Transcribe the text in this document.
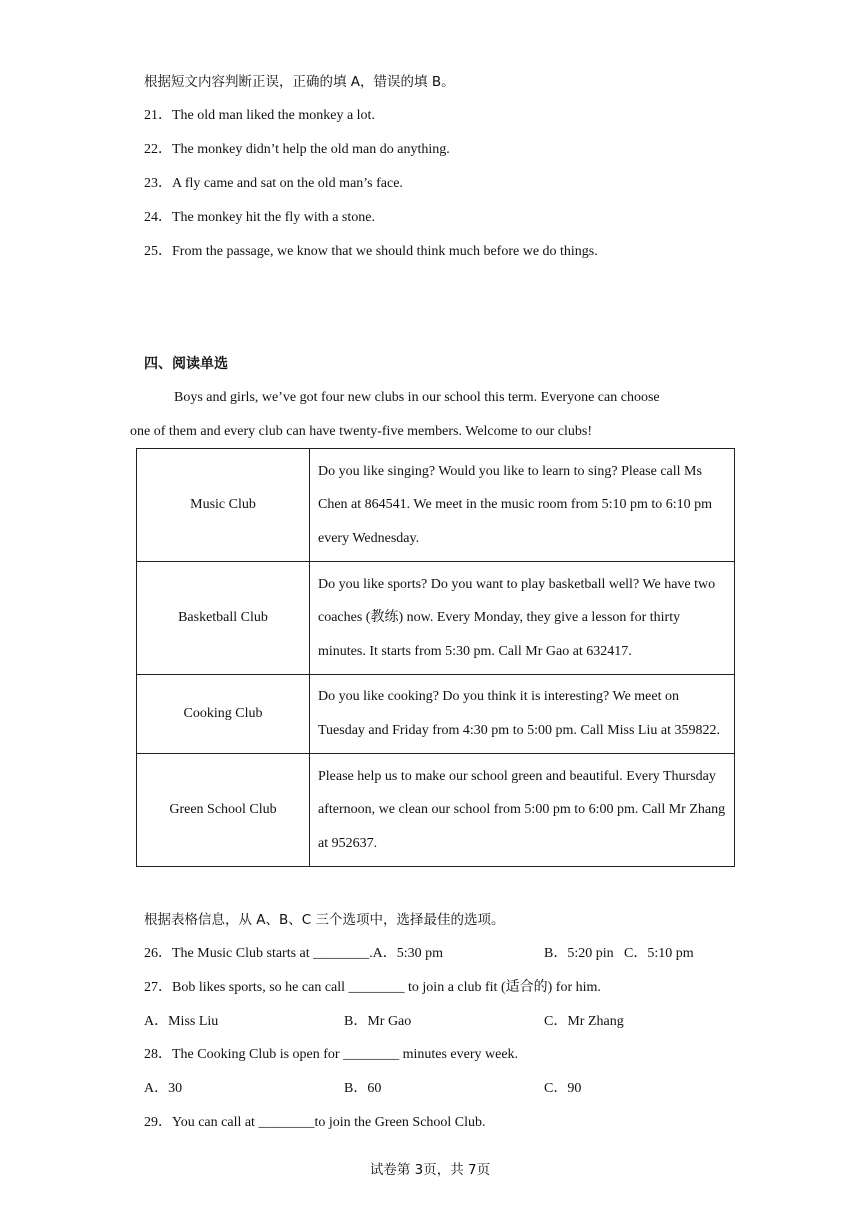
根据短文内容判断正误，正确的填 A，错误的填 B。
21．The old man liked the monkey a lot.
22．The monkey didn’t help the old man do anything.
23．A fly came and sat on the old man’s face.
24．The monkey hit the fly with a stone.
25．From the passage, we know that we should think much before we do things.
四、阅读单选
Boys and girls, we’ve got four new clubs in our school this term. Everyone can choose
one of them and every club can have twenty-five members. Welcome to our clubs!
Music Club	Do you like singing? Would you like to learn to sing? Please call Ms Chen at 864541. We meet in the music room from 5:10 pm to 6:10 pm every Wednesday.
Basketball Club	Do you like sports? Do you want to play basketball well? We have two coaches (教练) now. Every Monday, they give a lesson for thirty minutes. It starts from 5:30 pm. Call Mr Gao at 632417.
Cooking Club	Do you like cooking? Do you think it is interesting? We meet on Tuesday and Friday from 4:30 pm to 5:00 pm. Call Miss Liu at 359822.
Green School Club	Please help us to make our school green and beautiful. Every Thursday afternoon, we clean our school from 5:00 pm to 6:00 pm. Call Mr Zhang at 952637.
根据表格信息，从 A、B、C 三个选项中，选择最佳的选项。
26．The Music Club starts at ________.A．5:30 pm	B．5:20 pin C．5:10 pm
27．Bob likes sports, so he can call ________ to join a club fit (适合的) for him.
A．Miss Liu	B．Mr Gao	C．Mr Zhang
28．The Cooking Club is open for ________ minutes every week.
A．30	B．60	C．90
29．You can call at ________to join the Green School Club.
试卷第 3页，共 7页
